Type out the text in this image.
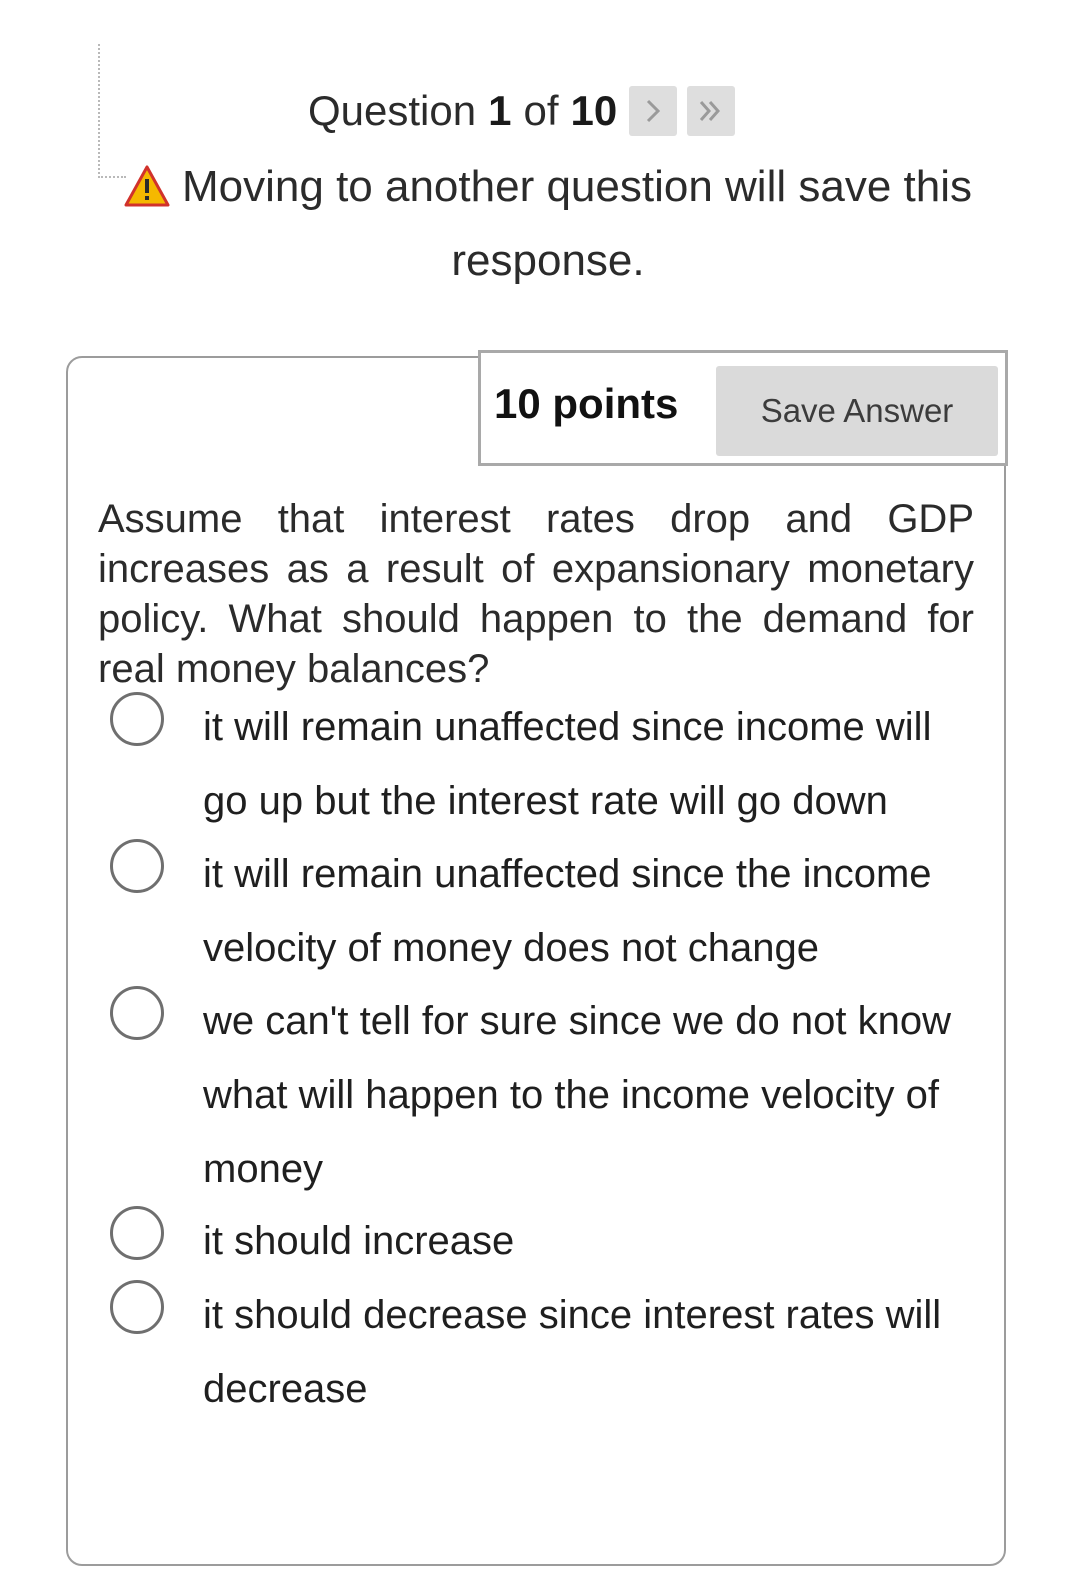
Question 1 of 10
Moving to another question will save this response.
10 points	Save Answer
Assume that interest rates drop and GDP increases as a result of expansionary monetary policy. What should happen to the demand for real money balances?
it will remain unaffected since income will go up but the interest rate will go down
it will remain unaffected since the income velocity of money does not change
we can't tell for sure since we do not know what will happen to the income velocity of money
it should increase
it should decrease since interest rates will decrease
